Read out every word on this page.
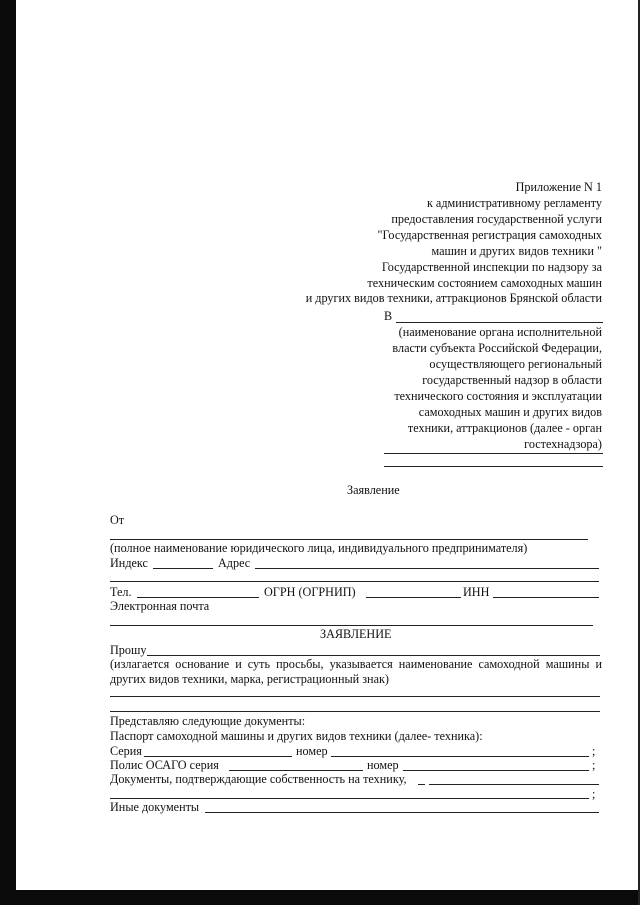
Приложение N 1
к административному регламенту
предоставления государственной услуги
"Государственная регистрация самоходных
машин и других видов техники "
Государственной инспекции по надзору за
техническим состоянием самоходных машин
и других видов техники, аттракционов Брянской области
В
(наименование органа исполнительной
власти субъекта Российской Федерации,
осуществляющего региональный
государственный надзор в области
технического состояния и эксплуатации
самоходных машин и других видов
техники, аттракционов (далее - орган
гостехнадзора)
Заявление
От
(полное наименование юридического лица, индивидуального предпринимателя)
Индекс	Адрес
Тел.	ОГРН (ОГРНИП)	ИНН
Электронная почта
ЗАЯВЛЕНИЕ
Прошу
(излагается основание и суть просьбы, указывается наименование самоходной машины и
других видов техники, марка, регистрационный знак)
Представляю следующие документы:
Паспорт самоходной машины и других видов техники (далее- техника):
Серия	номер	;
Полис ОСАГО серия	номер	;
Документы, подтверждающие собственность на технику,
;
Иные документы
